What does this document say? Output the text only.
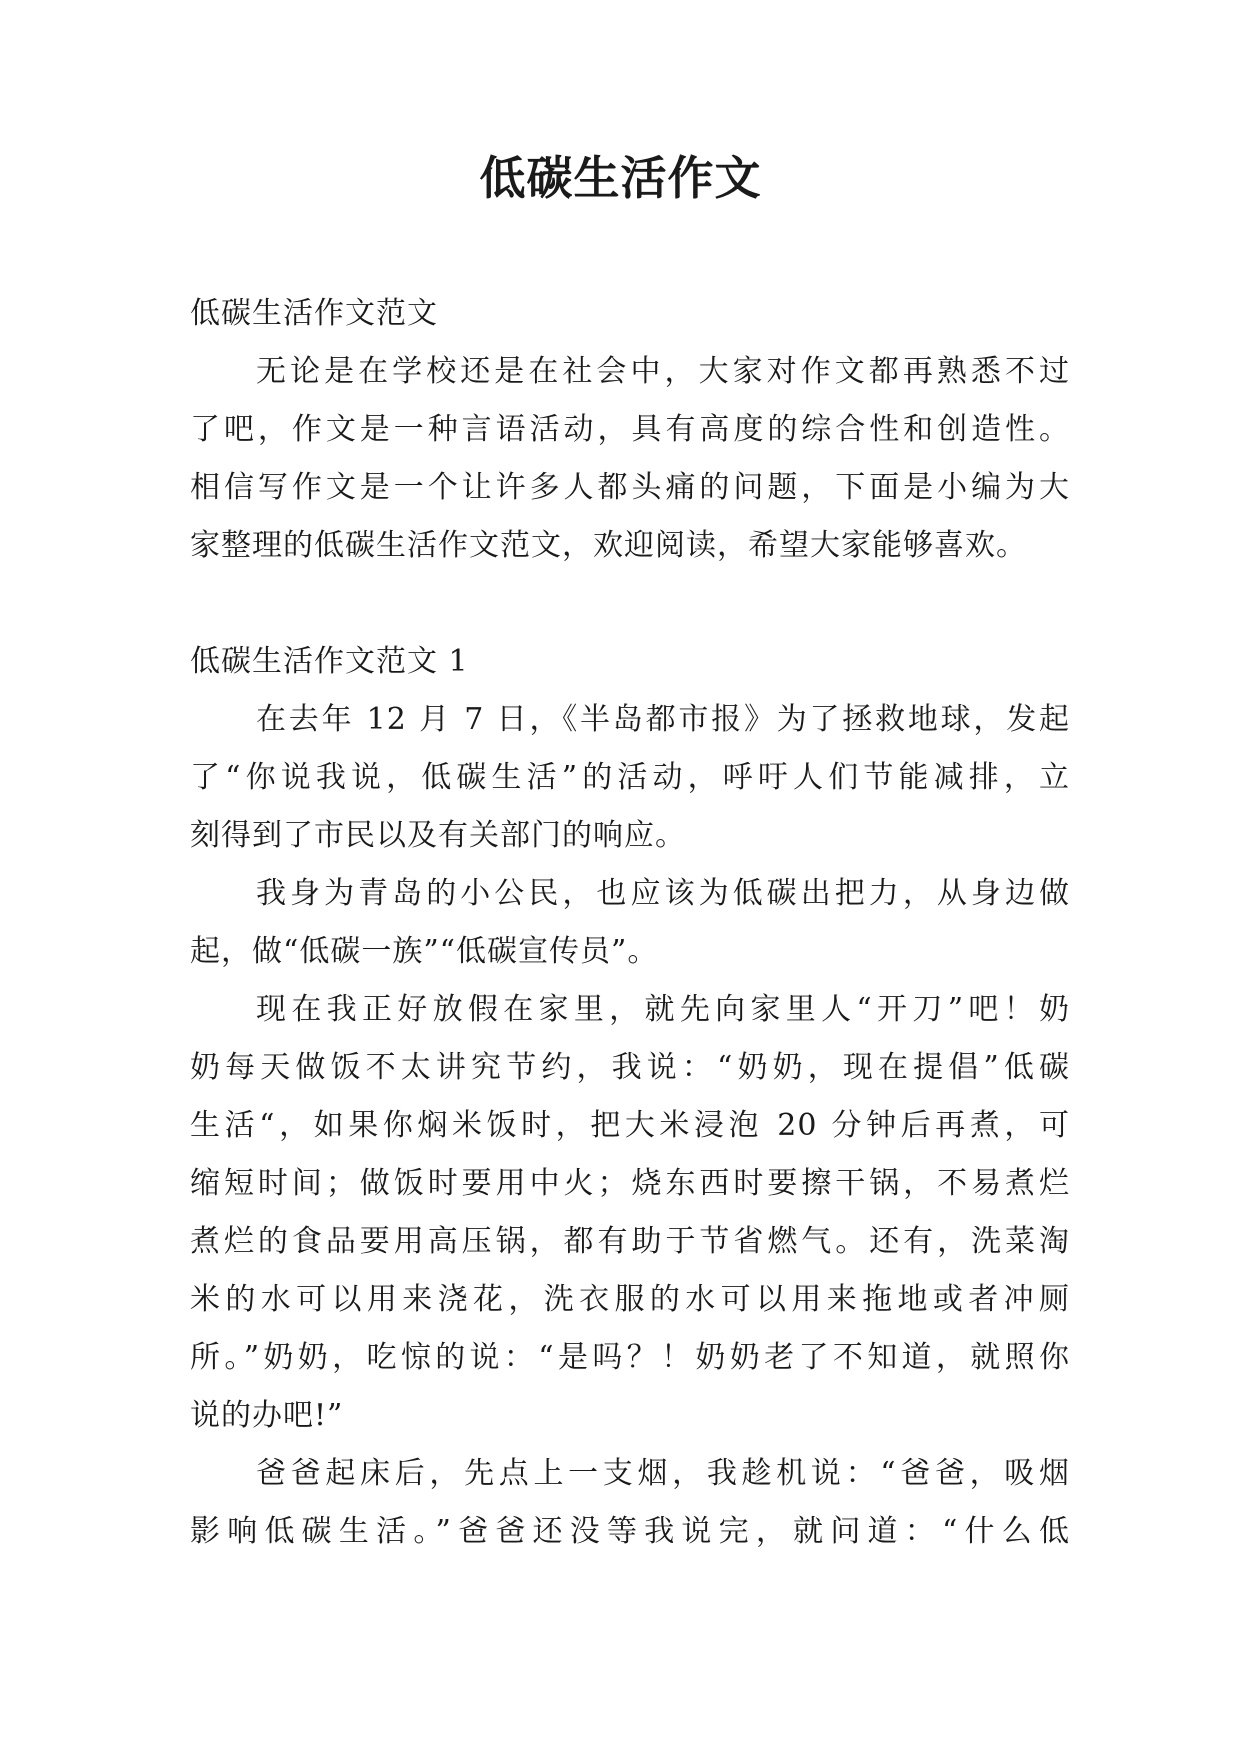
低碳生活作文
低碳生活作文范文
无论是在学校还是在社会中，大家对作文都再熟悉不过
了吧，作文是一种言语活动，具有高度的综合性和创造性。
相信写作文是一个让许多人都头痛的问题，下面是小编为大
家整理的低碳生活作文范文，欢迎阅读，希望大家能够喜欢。
低碳生活作文范文 1
在去年 12 月 7 日，《半岛都市报》为了拯救地球，发起
了“你说我说，低碳生活”的活动，呼吁人们节能减排，立
刻得到了市民以及有关部门的响应。
我身为青岛的小公民，也应该为低碳出把力，从身边做
起，做“低碳一族”“低碳宣传员”。
现在我正好放假在家里，就先向家里人“开刀”吧！奶
奶每天做饭不太讲究节约，我说：“奶奶，现在提倡”低碳
生活“，如果你焖米饭时，把大米浸泡 20 分钟后再煮，可
缩短时间；做饭时要用中火；烧东西时要擦干锅，不易煮烂
煮烂的食品要用高压锅，都有助于节省燃气。还有，洗菜淘
米的水可以用来浇花，洗衣服的水可以用来拖地或者冲厕
所。”奶奶，吃惊的说：“是吗？！奶奶老了不知道，就照你
说的办吧!”
爸爸起床后，先点上一支烟，我趁机说：“爸爸，吸烟
影响低碳生活。”爸爸还没等我说完，就问道：“什么低
